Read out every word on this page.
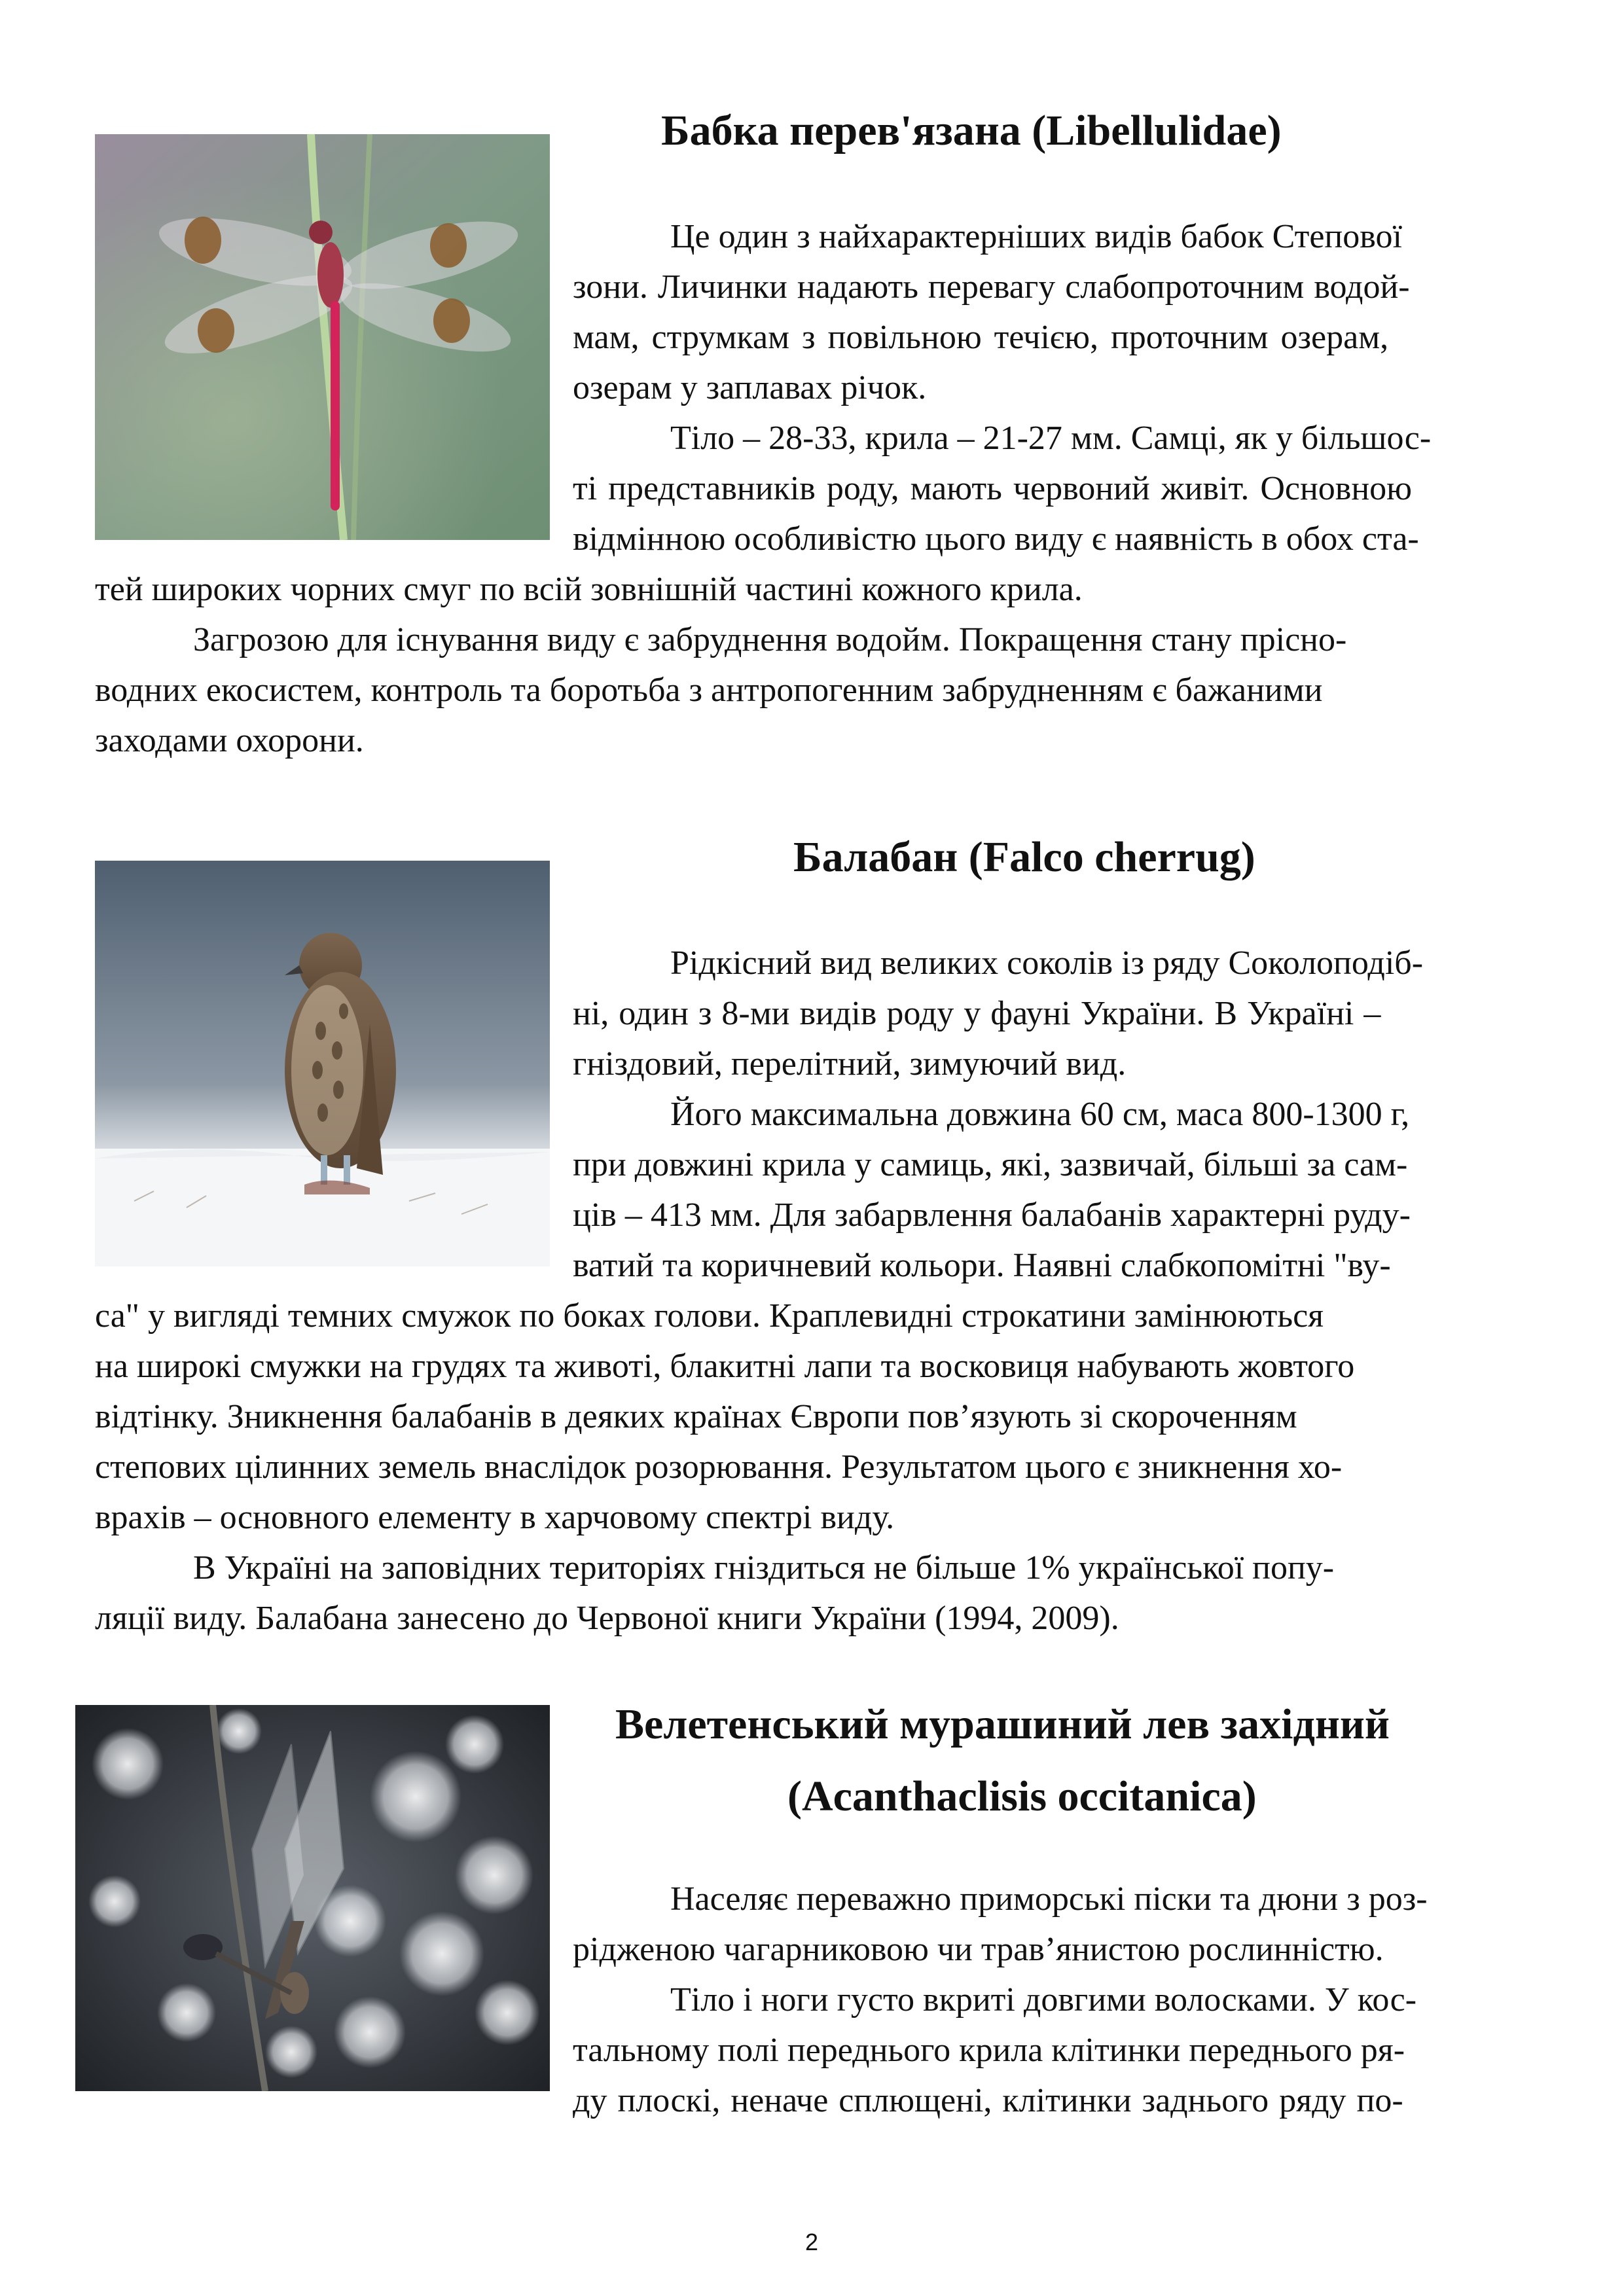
Бабка перев'язана (Libellulidae)

Це один з найхарактерніших видів бабок Степової

зони. Личинки надають перевагу слабопроточним водой-

мам, струмкам з повільною течією, проточним озерам,

озерам у заплавах річок.

Тіло – 28-33, крила – 21-27 мм. Самці, як у більшос-

ті представників роду, мають червоний живіт. Основною

відмінною особливістю цього виду є наявність в обох ста-

тей широких чорних смуг по всій зовнішній частині кожного крила.

Загрозою для існування виду є забруднення водойм. Покращення стану прісно-

водних екосистем, контроль та боротьба з антропогенним забрудненням є бажаними

заходами охорони.

Балабан (Falco cherrug)

Рідкісний вид великих соколів із ряду Соколоподіб-

ні, один з 8-ми видів роду у фауні України. В Україні –

гніздовий, перелітний, зимуючий вид.

Його максимальна довжина 60 см, маса 800-1300 г,

при довжині крила у самиць, які, зазвичай, більші за сам-

ців – 413 мм. Для забарвлення балабанів характерні руду-

ватий та коричневий кольори. Наявні слабкопомітні "ву-

са" у вигляді темних смужок по боках голови. Краплевидні строкатини замінюються

на широкі смужки на грудях та животі, блакитні лапи та восковиця набувають жовтого

відтінку. Зникнення балабанів в деяких країнах Європи пов’язують зі скороченням

степових цілинних земель внаслідок розорювання. Результатом цього є зникнення хо-

врахів – основного елементу в харчовому спектрі виду.

В Україні на заповідних територіях гніздиться не більше 1% української попу-

ляції виду. Балабана занесено до Червоної книги України (1994, 2009).

Велетенський мурашиний лев західний
(Acanthaclisis occitanica)

Населяє переважно приморські піски та дюни з роз-

рідженою чагарниковою чи трав’янистою рослинністю.

Тіло і ноги густо вкриті довгими волосками. У кос-

тальному полі переднього крила клітинки переднього ря-

ду плоскі, неначе сплющені, клітинки заднього ряду по-

2
